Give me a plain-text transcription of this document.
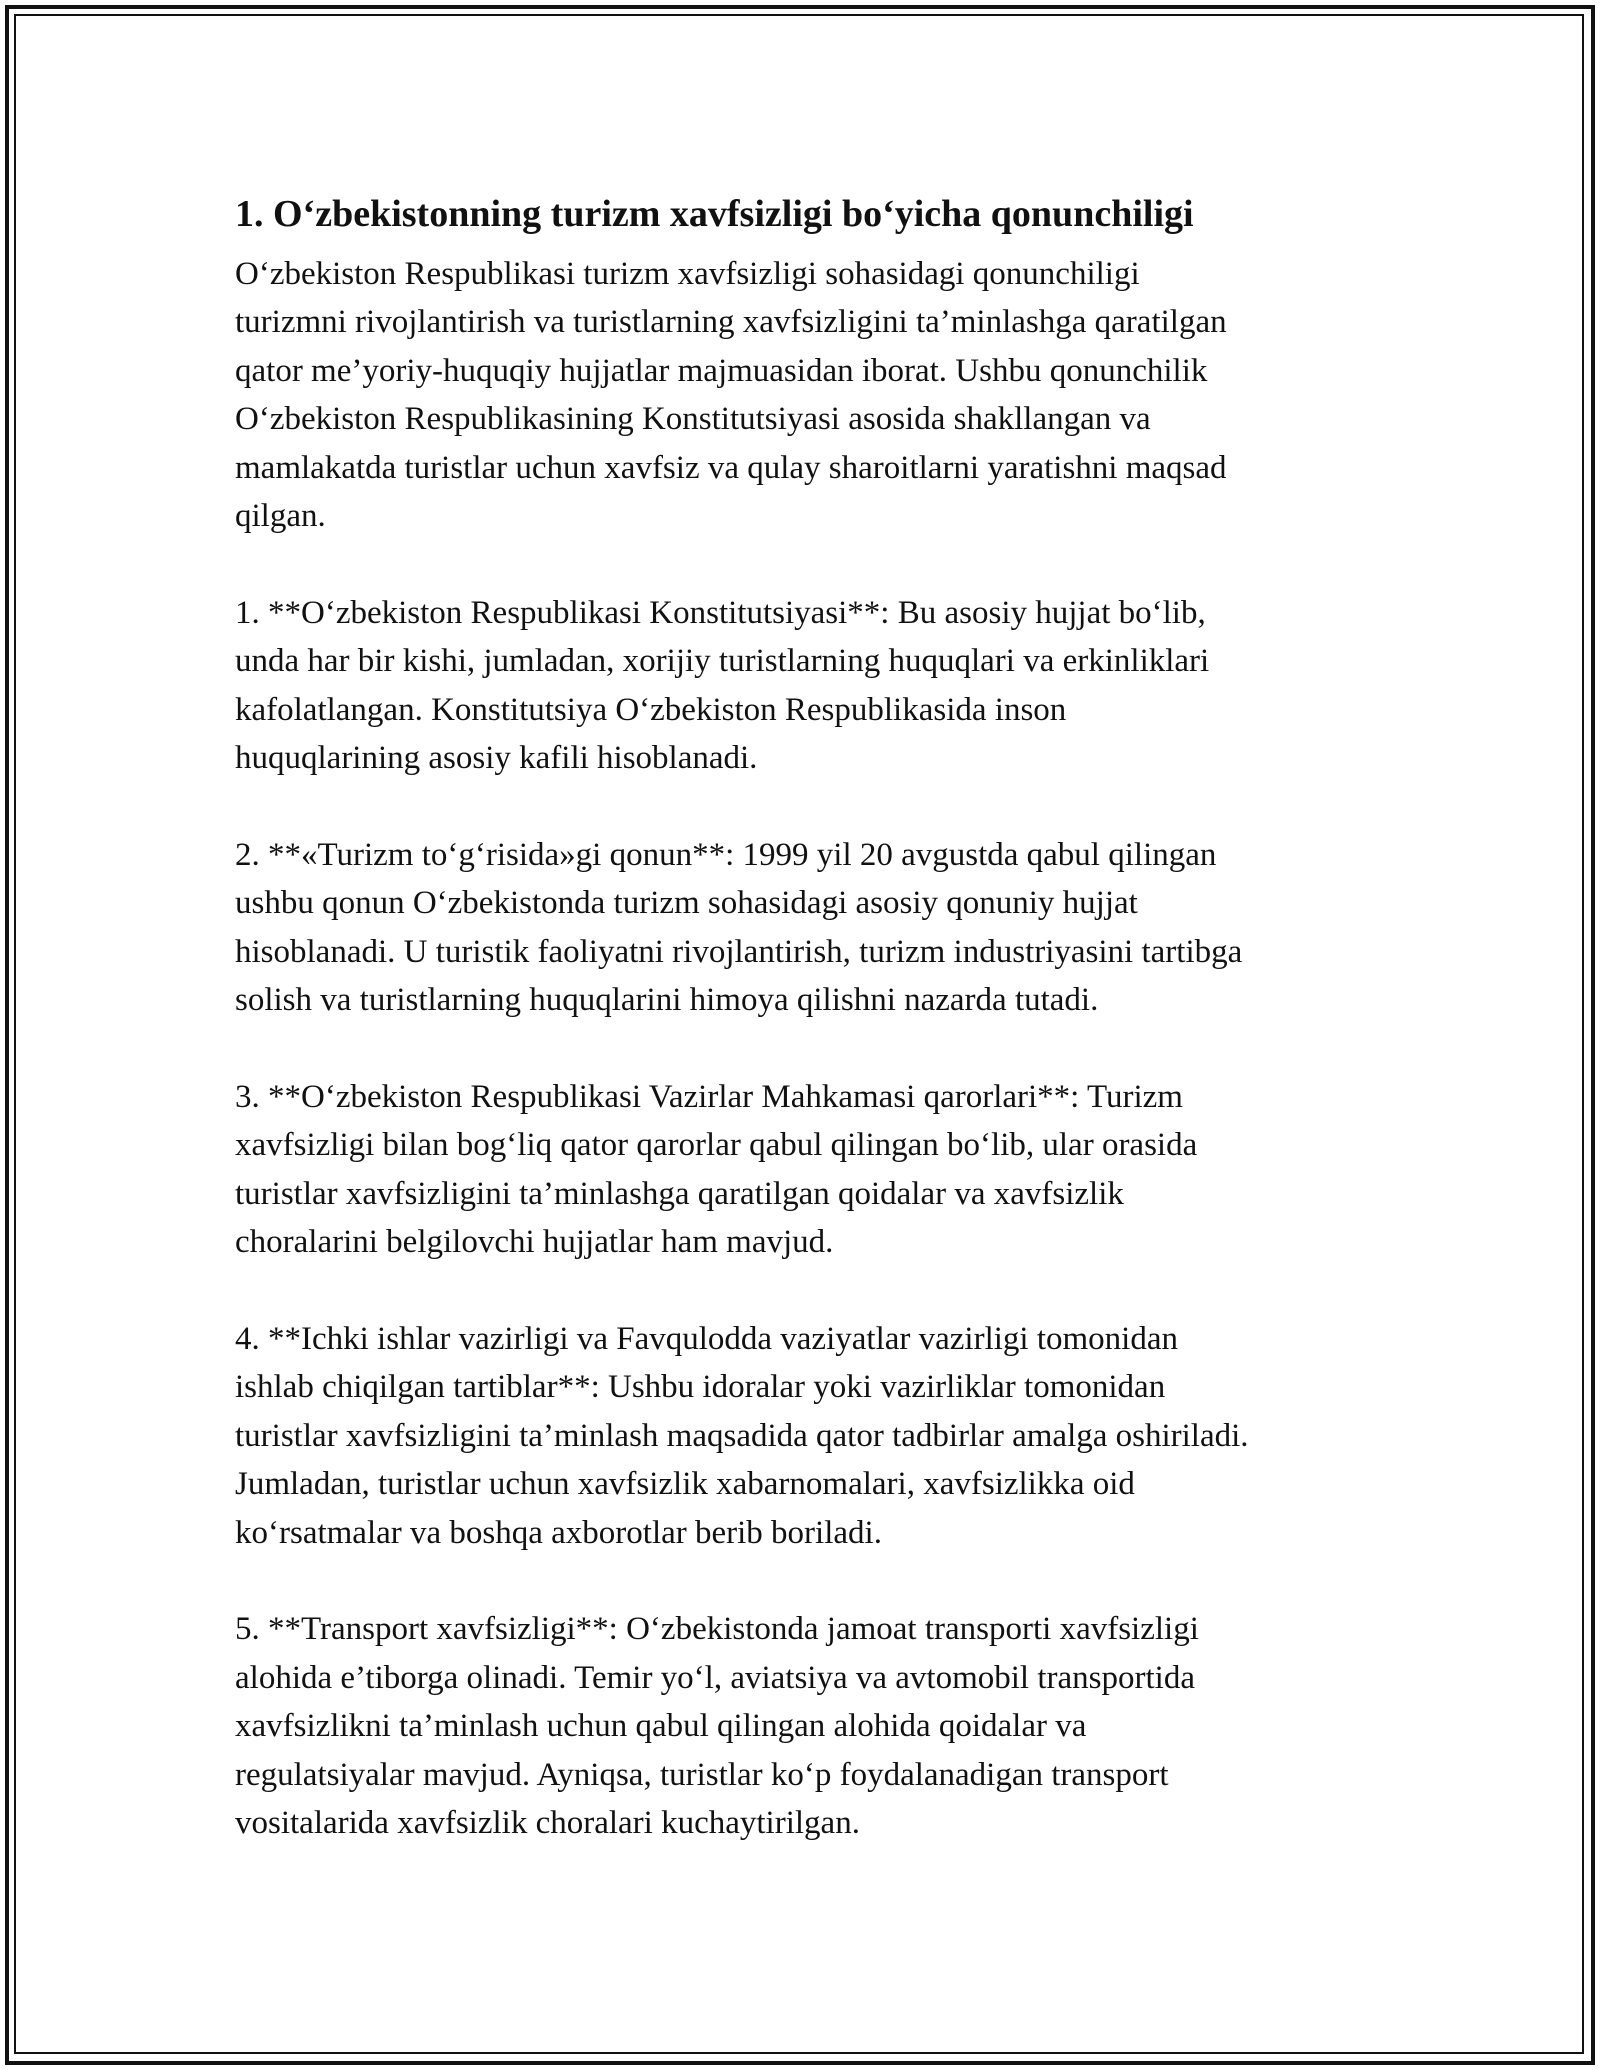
1. O‘zbekistonning turizm xavfsizligi bo‘yicha qonunchiligi
O‘zbekiston Respublikasi turizm xavfsizligi sohasidagi qonunchiligi
turizmni rivojlantirish va turistlarning xavfsizligini ta’minlashga qaratilgan
qator me’yoriy-huquqiy hujjatlar majmuasidan iborat. Ushbu qonunchilik
O‘zbekiston Respublikasining Konstitutsiyasi asosida shakllangan va
mamlakatda turistlar uchun xavfsiz va qulay sharoitlarni yaratishni maqsad
qilgan.
1. **O‘zbekiston Respublikasi Konstitutsiyasi**: Bu asosiy hujjat bo‘lib,
unda har bir kishi, jumladan, xorijiy turistlarning huquqlari va erkinliklari
kafolatlangan. Konstitutsiya O‘zbekiston Respublikasida inson
huquqlarining asosiy kafili hisoblanadi.
2. **«Turizm to‘g‘risida»gi qonun**: 1999 yil 20 avgustda qabul qilingan
ushbu qonun O‘zbekistonda turizm sohasidagi asosiy qonuniy hujjat
hisoblanadi. U turistik faoliyatni rivojlantirish, turizm industriyasini tartibga
solish va turistlarning huquqlarini himoya qilishni nazarda tutadi.
3. **O‘zbekiston Respublikasi Vazirlar Mahkamasi qarorlari**: Turizm
xavfsizligi bilan bog‘liq qator qarorlar qabul qilingan bo‘lib, ular orasida
turistlar xavfsizligini ta’minlashga qaratilgan qoidalar va xavfsizlik
choralarini belgilovchi hujjatlar ham mavjud.
4. **Ichki ishlar vazirligi va Favqulodda vaziyatlar vazirligi tomonidan
ishlab chiqilgan tartiblar**: Ushbu idoralar yoki vazirliklar tomonidan
turistlar xavfsizligini ta’minlash maqsadida qator tadbirlar amalga oshiriladi.
Jumladan, turistlar uchun xavfsizlik xabarnomalari, xavfsizlikka oid
ko‘rsatmalar va boshqa axborotlar berib boriladi.
5. **Transport xavfsizligi**: O‘zbekistonda jamoat transporti xavfsizligi
alohida e’tiborga olinadi. Temir yo‘l, aviatsiya va avtomobil transportida
xavfsizlikni ta’minlash uchun qabul qilingan alohida qoidalar va
regulatsiyalar mavjud. Ayniqsa, turistlar ko‘p foydalanadigan transport
vositalarida xavfsizlik choralari kuchaytirilgan.
